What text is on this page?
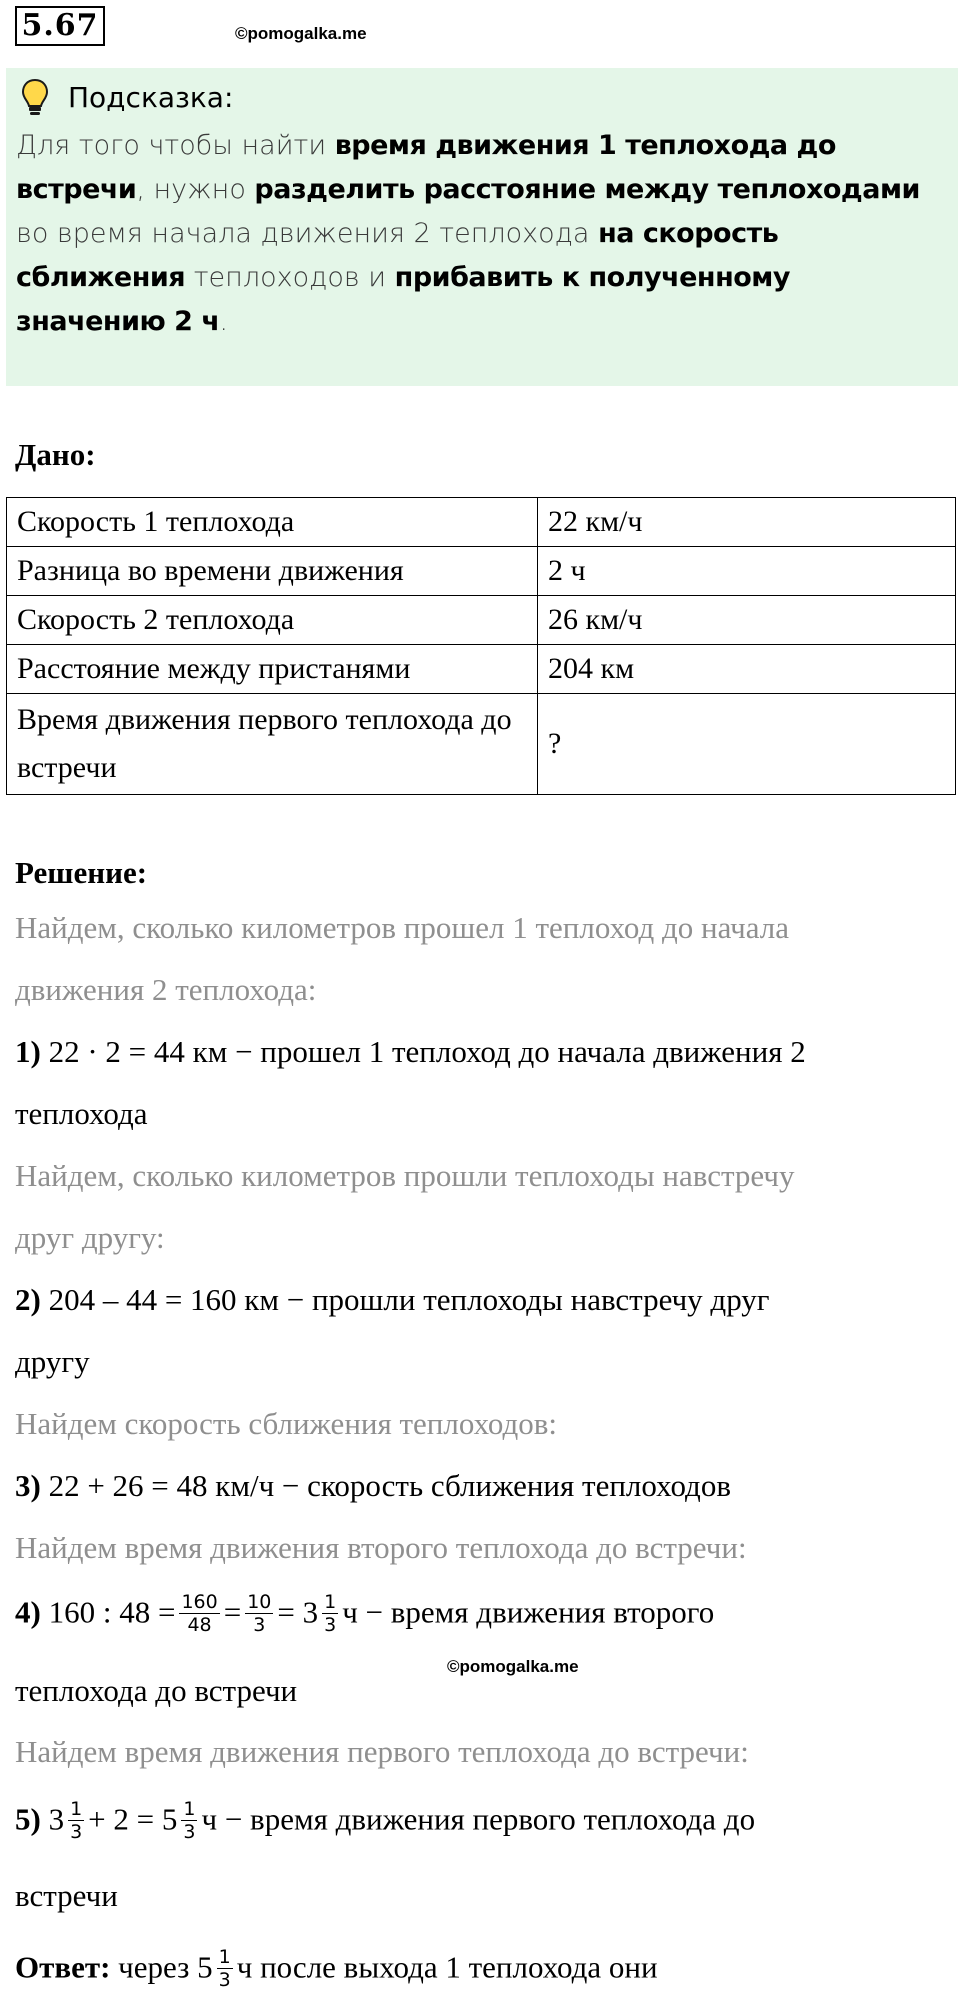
5.67	©pomogalka.me
Подсказка:
Для того чтобы найти время движения 1 теплохода до встречи, нужно разделить расстояние между теплоходами во время начала движения 2 теплохода на скорость сближения теплоходов и прибавить к полученному значению 2 ч.
Дано:
Скорость 1 теплохода	22 км/ч
Разница во времени движения	2 ч
Скорость 2 теплохода	26 км/ч
Расстояние между пристанями	204 км
Время движения первого теплохода до встречи	?
Решение:
Найдем, сколько километров прошел 1 теплоход до начала
движения 2 теплохода:
1) 22 · 2 = 44 км − прошел 1 теплоход до начала движения 2
теплохода
Найдем, сколько километров прошли теплоходы навстречу
друг другу:
2) 204 – 44 = 160 км − прошли теплоходы навстречу друг
другу
Найдем скорость сближения теплоходов:
3) 22 + 26 = 48 км/ч − скорость сближения теплоходов
Найдем время движения второго теплохода до встречи:
4) 160 : $48 = \frac{160}{48} = \frac{10}{3} = 3 \frac{1}{3}$ ч − время движения второго
©pomogalka.me
теплохода до встречи
Найдем время движения первого теплохода до встречи:
5) $3 \frac{1}{3} + 2 = 5 \frac{1}{3}$ ч − время движения первого теплохода до
встречи
Ответ: через $5 \frac{1}{3}$ ч после выхода 1 теплохода они
